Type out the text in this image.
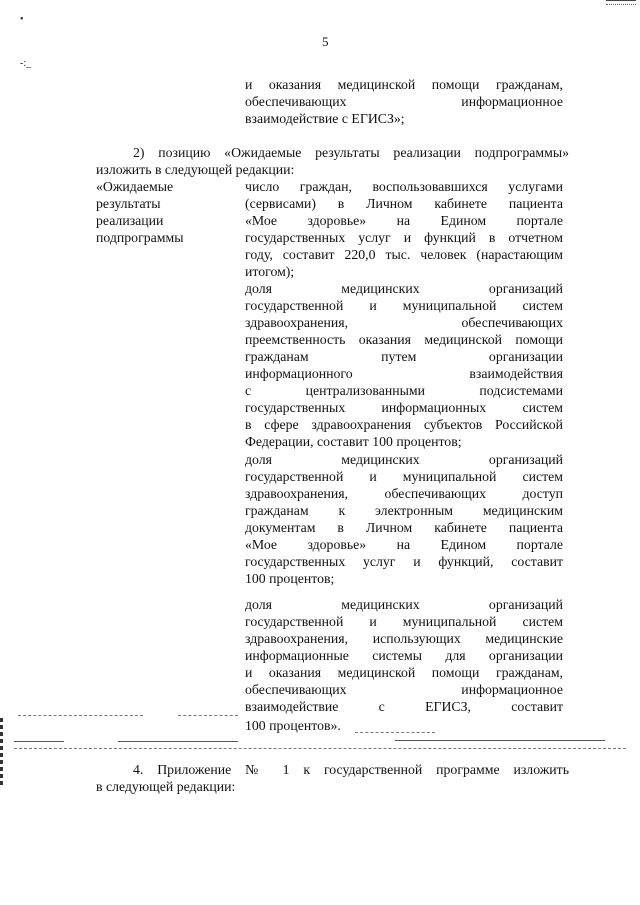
•
-:_
5
и оказания медицинской помощи гражданам,
обеспечивающих информационное
взаимодействие с ЕГИСЗ»;
2) позицию «Ожидаемые результаты реализации подпрограммы»
изложить в следующей редакции:
«Ожидаемые
результаты
реализации
подпрограммы
число граждан, воспользовавшихся услугами
(сервисами) в Личном кабинете пациента
«Мое здоровье» на Едином портале
государственных услуг и функций в отчетном
году, составит 220,0 тыс. человек (нарастающим
итогом);
доля медицинских организаций
государственной и муниципальной систем
здравоохранения, обеспечивающих
преемственность оказания медицинской помощи
гражданам путем организации
информационного взаимодействия
с централизованными подсистемами
государственных информационных систем
в сфере здравоохранения субъектов Российской
Федерации, составит 100 процентов;
доля медицинских организаций
государственной и муниципальной систем
здравоохранения, обеспечивающих доступ
гражданам к электронным медицинским
документам в Личном кабинете пациента
«Мое здоровье» на Едином портале
государственных услуг и функций, составит
100 процентов;
доля медицинских организаций
государственной и муниципальной систем
здравоохранения, использующих медицинские
информационные системы для организации
и оказания медицинской помощи гражданам,
обеспечивающих информационное
взаимодействие с ЕГИСЗ, составит
100 процентов».
4. Приложение № 1 к государственной программе изложить
в следующей редакции:
